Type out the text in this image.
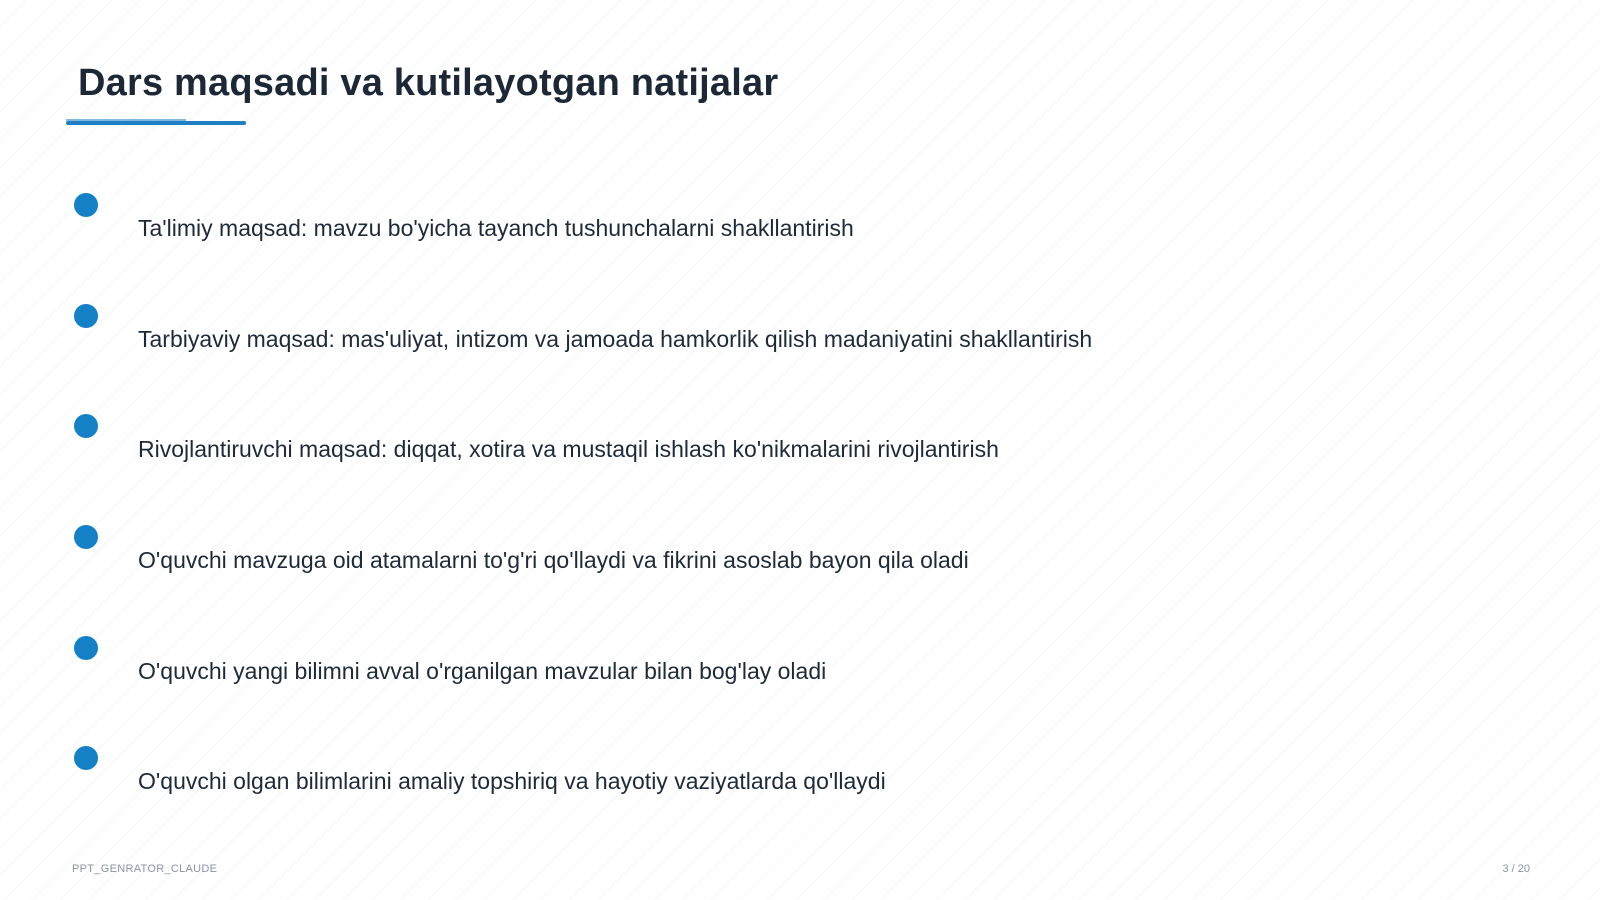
Dars maqsadi va kutilayotgan natijalar
Ta'limiy maqsad: mavzu bo'yicha tayanch tushunchalarni shakllantirish
Tarbiyaviy maqsad: mas'uliyat, intizom va jamoada hamkorlik qilish madaniyatini shakllantirish
Rivojlantiruvchi maqsad: diqqat, xotira va mustaqil ishlash ko'nikmalarini rivojlantirish
O'quvchi mavzuga oid atamalarni to'g'ri qo'llaydi va fikrini asoslab bayon qila oladi
O'quvchi yangi bilimni avval o'rganilgan mavzular bilan bog'lay oladi
O'quvchi olgan bilimlarini amaliy topshiriq va hayotiy vaziyatlarda qo'llaydi
PPT_GENRATOR_CLAUDE	3 / 20
